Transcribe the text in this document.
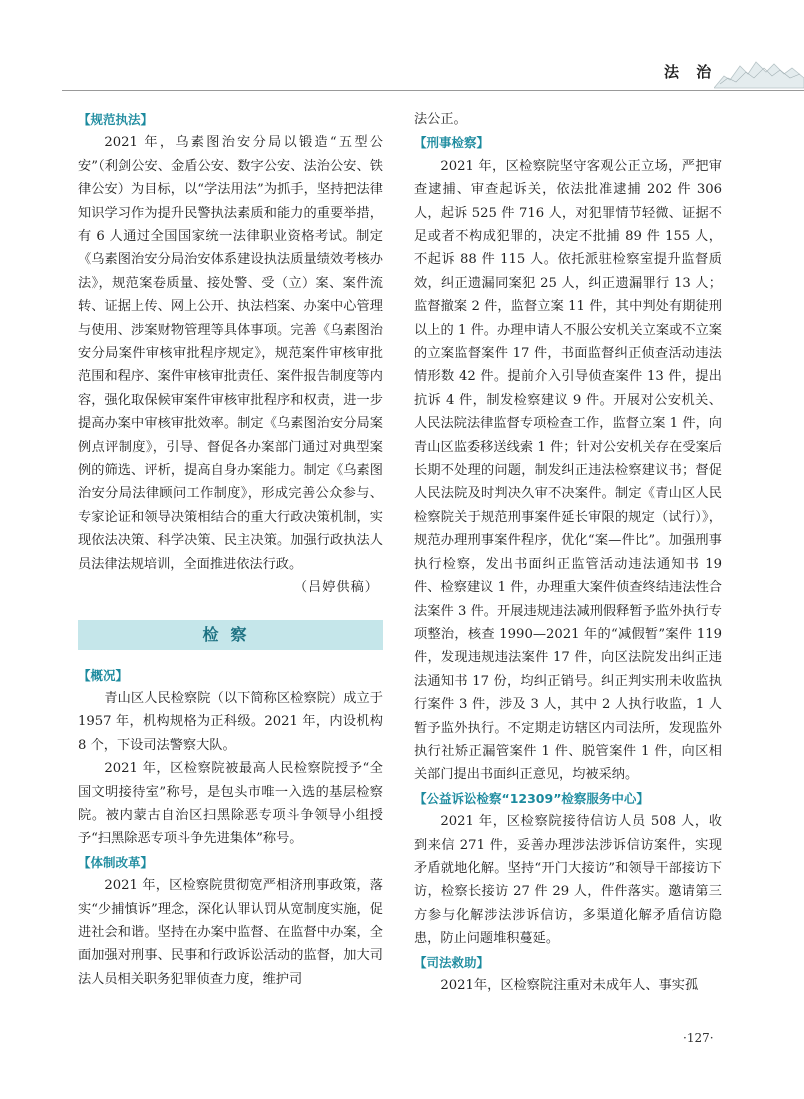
法 治
【规范执法】
2021 年，乌素图治安分局以锻造“五型公安”（利剑公安、金盾公安、数字公安、法治公安、铁律公安）为目标，以“学法用法”为抓手，坚持把法律知识学习作为提升民警执法素质和能力的重要举措，有 6 人通过全国国家统一法律职业资格考试。制定《乌素图治安分局治安体系建设执法质量绩效考核办法》，规范案卷质量、接处警、受（立）案、案件流转、证据上传、网上公开、执法档案、办案中心管理与使用、涉案财物管理等具体事项。完善《乌素图治安分局案件审核审批程序规定》，规范案件审核审批范围和程序、案件审核审批责任、案件报告制度等内容，强化取保候审案件审核审批程序和权责，进一步提高办案中审核审批效率。制定《乌素图治安分局案例点评制度》，引导、督促各办案部门通过对典型案例的筛选、评析，提高自身办案能力。制定《乌素图治安分局法律顾问工作制度》，形成完善公众参与、专家论证和领导决策相结合的重大行政决策机制，实现依法决策、科学决策、民主决策。加强行政执法人员法律法规培训，全面推进依法行政。
（吕婷供稿）
检察
【概况】
青山区人民检察院（以下简称区检察院）成立于 1957 年，机构规格为正科级。2021 年，内设机构 8 个，下设司法警察大队。
2021 年，区检察院被最高人民检察院授予“全国文明接待室”称号，是包头市唯一入选的基层检察院。被内蒙古自治区扫黑除恶专项斗争领导小组授予“扫黑除恶专项斗争先进集体”称号。
【体制改革】
2021 年，区检察院贯彻宽严相济刑事政策，落实“少捕慎诉”理念，深化认罪认罚从宽制度实施，促进社会和谐。坚持在办案中监督、在监督中办案，全面加强对刑事、民事和行政诉讼活动的监督，加大司法人员相关职务犯罪侦查力度，维护司
法公正。
【刑事检察】
2021 年，区检察院坚守客观公正立场，严把审查逮捕、审查起诉关，依法批准逮捕 202 件 306 人，起诉 525 件 716 人，对犯罪情节轻微、证据不足或者不构成犯罪的，决定不批捕 89 件 155 人，不起诉 88 件 115 人。依托派驻检察室提升监督质效，纠正遗漏同案犯 25 人，纠正遗漏罪行 13 人；监督撤案 2 件，监督立案 11 件，其中判处有期徒刑以上的 1 件。办理申请人不服公安机关立案或不立案的立案监督案件 17 件，书面监督纠正侦查活动违法情形数 42 件。提前介入引导侦查案件 13 件，提出抗诉 4 件，制发检察建议 9 件。开展对公安机关、人民法院法律监督专项检查工作，监督立案 1 件，向青山区监委移送线索 1 件；针对公安机关存在受案后长期不处理的问题，制发纠正违法检察建议书；督促人民法院及时判决久审不决案件。制定《青山区人民检察院关于规范刑事案件延长审限的规定（试行）》，规范办理刑事案件程序，优化“案—件比”。加强刑事执行检察，发出书面纠正监管活动违法通知书 19 件、检察建议 1 件，办理重大案件侦查终结违法性合法案件 3 件。开展违规违法减刑假释暂予监外执行专项整治，核查 1990—2021 年的“减假暂”案件 119 件，发现违规违法案件 17 件，向区法院发出纠正违法通知书 17 份，均纠正销号。纠正判实刑未收监执行案件 3 件，涉及 3 人，其中 2 人执行收监，1 人暂予监外执行。不定期走访辖区内司法所，发现监外执行社矫正漏管案件 1 件、脱管案件 1 件，向区相关部门提出书面纠正意见，均被采纳。
【公益诉讼检察“12309”检察服务中心】
2021 年，区检察院接待信访人员 508 人，收到来信 271 件，妥善办理涉法涉诉信访案件，实现矛盾就地化解。坚持“开门大接访”和领导干部接访下访，检察长接访 27 件 29 人，件件落实。邀请第三方参与化解涉法涉诉信访，多渠道化解矛盾信访隐患，防止问题堆积蔓延。
【司法救助】
2021年，区检察院注重对未成年人、事实孤
·127·
